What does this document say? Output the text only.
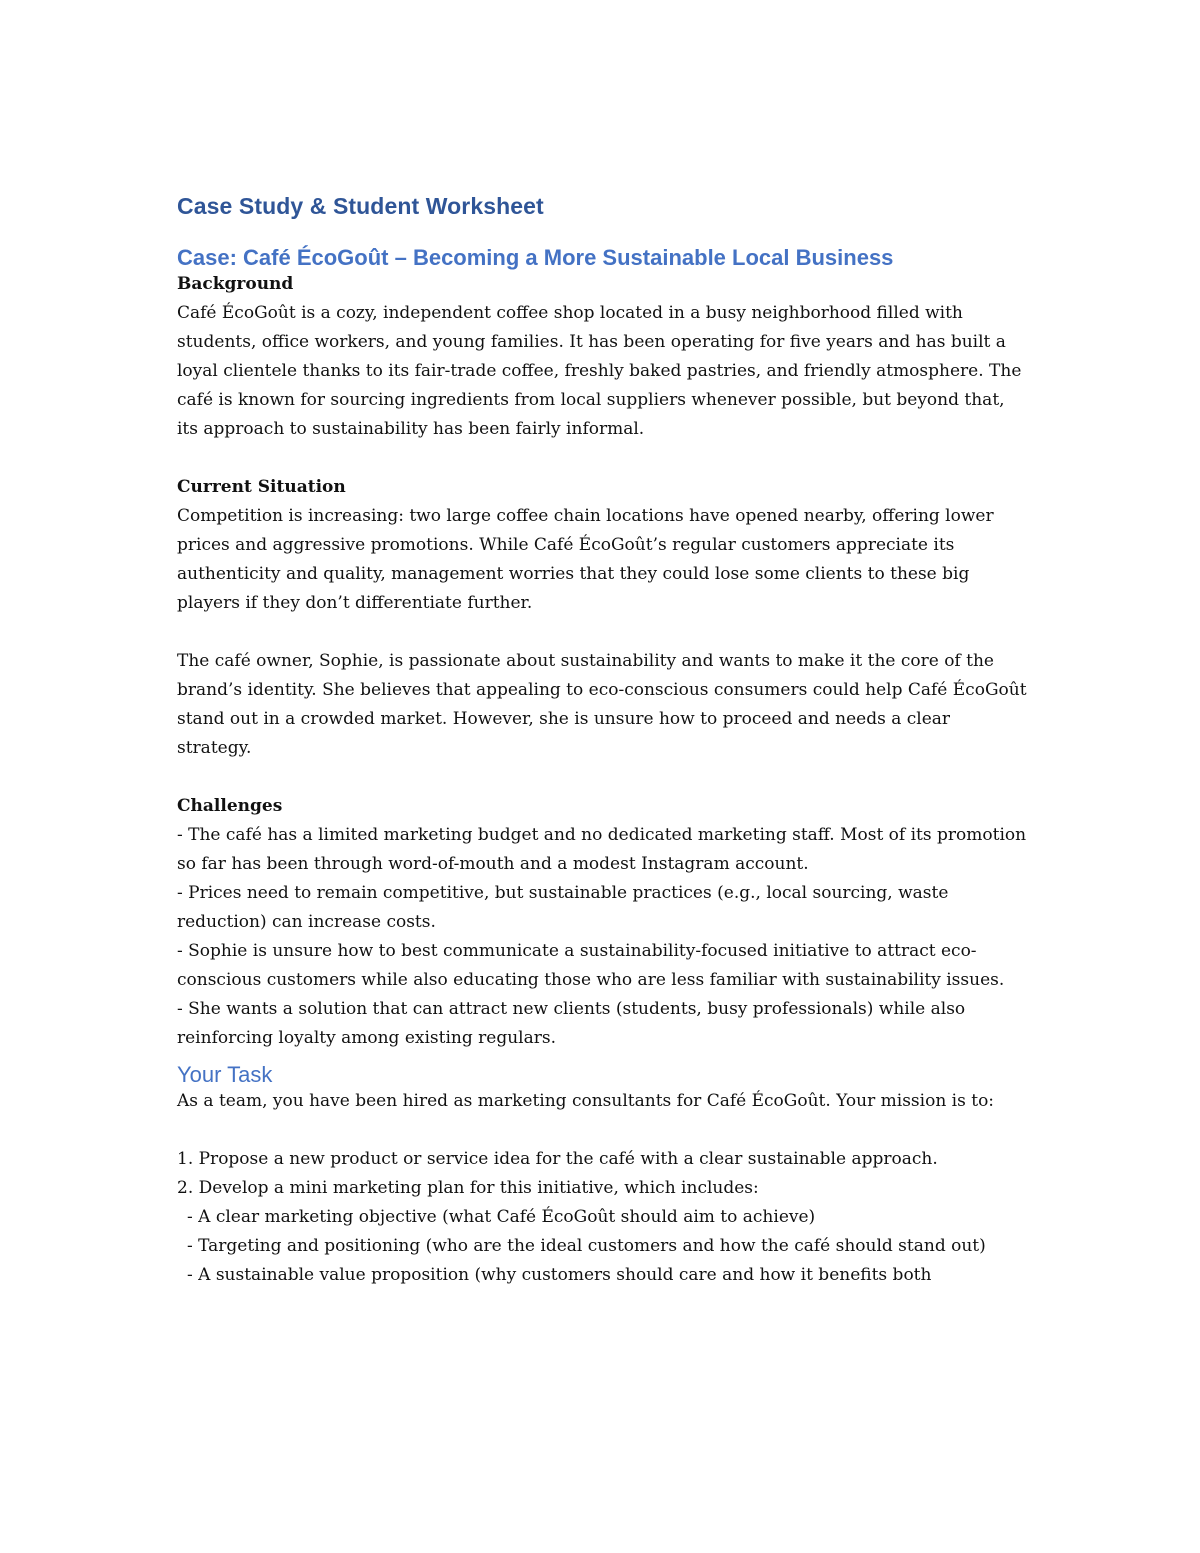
Case Study & Student Worksheet
Case: Café ÉcoGoût – Becoming a More Sustainable Local Business

Background

Café ÉcoGoût is a cozy, independent coffee shop located in a busy neighborhood filled with students, office workers, and young families. It has been operating for five years and has built a loyal clientele thanks to its fair-trade coffee, freshly baked pastries, and friendly atmosphere. The café is known for sourcing ingredients from local suppliers whenever possible, but beyond that, its approach to sustainability has been fairly informal.

Current Situation

Competition is increasing: two large coffee chain locations have opened nearby, offering lower prices and aggressive promotions. While Café ÉcoGoût’s regular customers appreciate its authenticity and quality, management worries that they could lose some clients to these big players if they don’t differentiate further.

The café owner, Sophie, is passionate about sustainability and wants to make it the core of the brand’s identity. She believes that appealing to eco-conscious consumers could help Café ÉcoGoût stand out in a crowded market. However, she is unsure how to proceed and needs a clear strategy.

Challenges

- The café has a limited marketing budget and no dedicated marketing staff. Most of its promotion so far has been through word-of-mouth and a modest Instagram account.

- Prices need to remain competitive, but sustainable practices (e.g., local sourcing, waste reduction) can increase costs.

- Sophie is unsure how to best communicate a sustainability-focused initiative to attract eco-conscious customers while also educating those who are less familiar with sustainability issues.

- She wants a solution that can attract new clients (students, busy professionals) while also reinforcing loyalty among existing regulars.

Your Task

As a team, you have been hired as marketing consultants for Café ÉcoGoût. Your mission is to:

1. Propose a new product or service idea for the café with a clear sustainable approach.

2. Develop a mini marketing plan for this initiative, which includes:

- A clear marketing objective (what Café ÉcoGoût should aim to achieve)

- Targeting and positioning (who are the ideal customers and how the café should stand out)

- A sustainable value proposition (why customers should care and how it benefits both
